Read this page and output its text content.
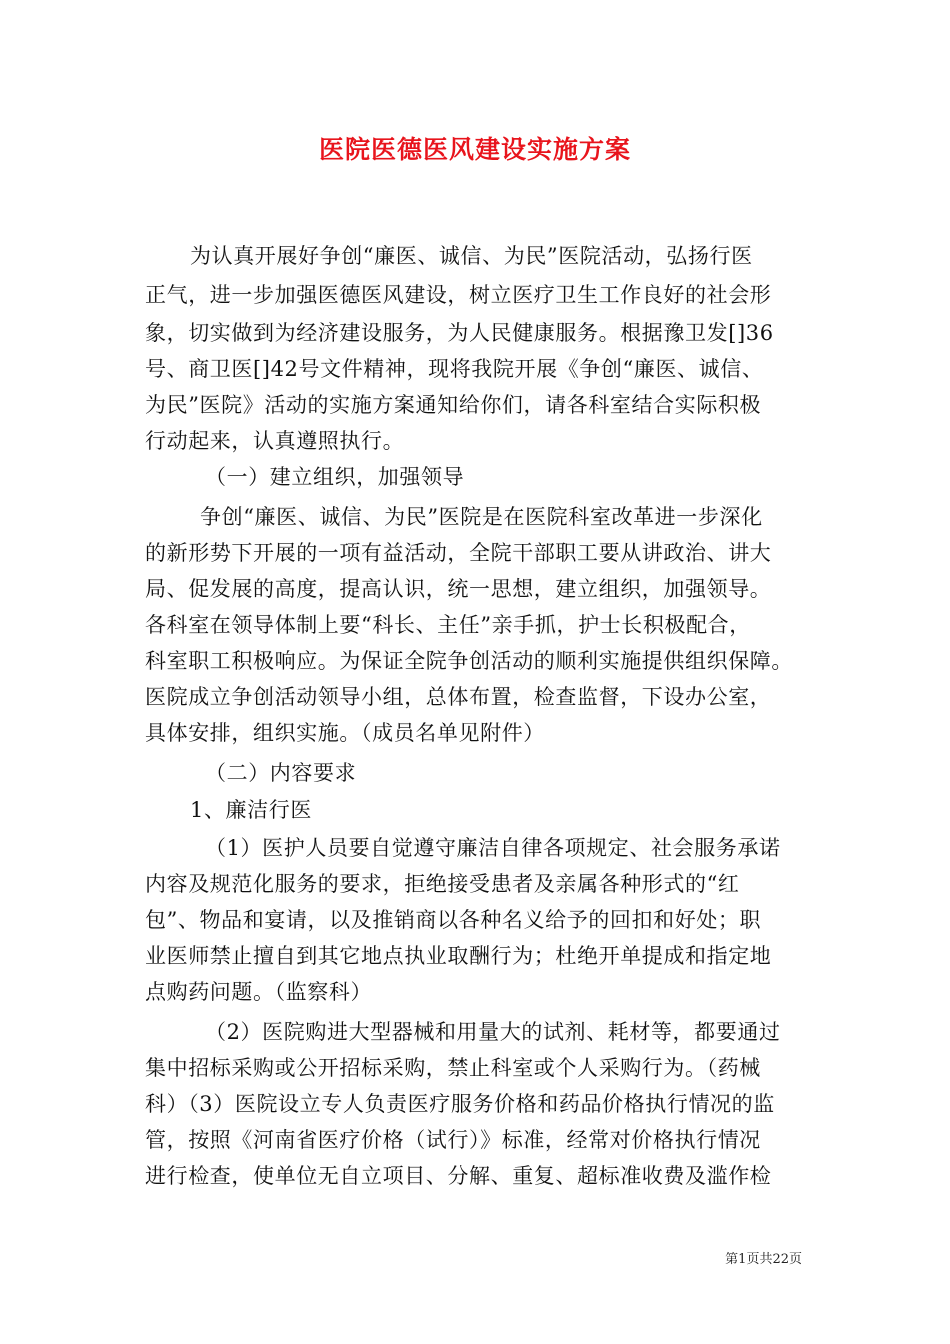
医院医德医风建设实施方案
为认真开展好争创“廉医、诚信、为民”医院活动，弘扬行医
正气，进一步加强医德医风建设，树立医疗卫生工作良好的社会形
象，切实做到为经济建设服务，为人民健康服务。根据豫卫发[]36
号、商卫医[]42号文件精神，现将我院开展《争创“廉医、诚信、
为民”医院》活动的实施方案通知给你们，请各科室结合实际积极
行动起来，认真遵照执行。
（一）建立组织，加强领导
争创“廉医、诚信、为民”医院是在医院科室改革进一步深化
的新形势下开展的一项有益活动，全院干部职工要从讲政治、讲大
局、促发展的高度，提高认识，统一思想，建立组织，加强领导。
各科室在领导体制上要“科长、主任”亲手抓，护士长积极配合，
科室职工积极响应。为保证全院争创活动的顺利实施提供组织保障。
医院成立争创活动领导小组，总体布置，检查监督，下设办公室，
具体安排，组织实施。（成员名单见附件）
（二）内容要求
1、廉洁行医
（1）医护人员要自觉遵守廉洁自律各项规定、社会服务承诺
内容及规范化服务的要求，拒绝接受患者及亲属各种形式的“红
包”、物品和宴请，以及推销商以各种名义给予的回扣和好处；职
业医师禁止擅自到其它地点执业取酬行为；杜绝开单提成和指定地
点购药问题。（监察科）
（2）医院购进大型器械和用量大的试剂、耗材等，都要通过
集中招标采购或公开招标采购，禁止科室或个人采购行为。（药械
科）（3）医院设立专人负责医疗服务价格和药品价格执行情况的监
管，按照《河南省医疗价格（试行）》标准，经常对价格执行情况
进行检查，使单位无自立项目、分解、重复、超标准收费及滥作检
第1页共22页
